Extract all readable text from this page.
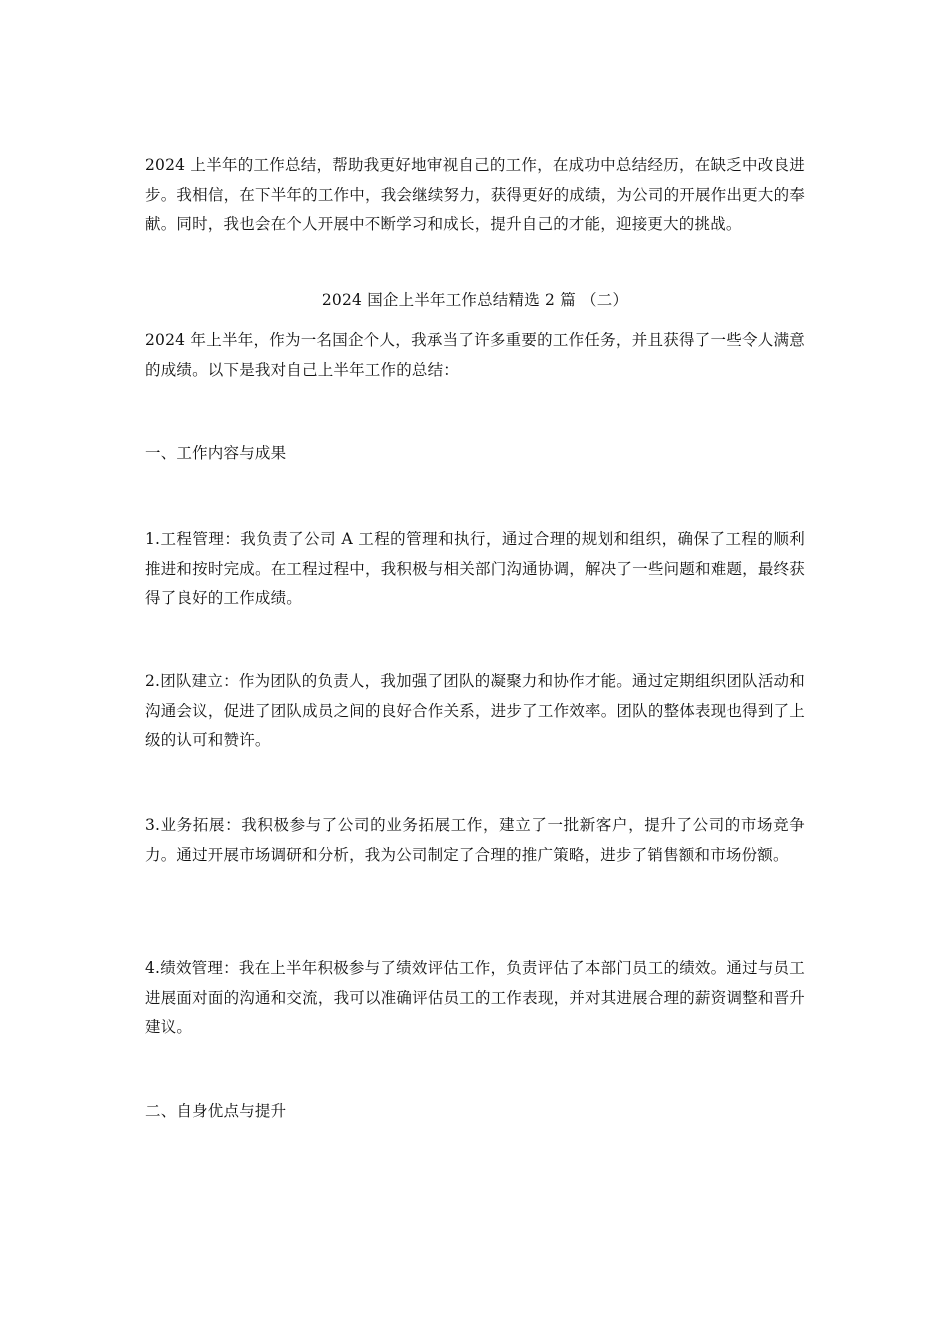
2024 上半年的工作总结，帮助我更好地审视自己的工作，在成功中总结经历，在缺乏中改良进步。我相信，在下半年的工作中，我会继续努力，获得更好的成绩，为公司的开展作出更大的奉献。同时，我也会在个人开展中不断学习和成长，提升自己的才能，迎接更大的挑战。

2024 国企上半年工作总结精选 2 篇 （二）

2024 年上半年，作为一名国企个人，我承当了许多重要的工作任务，并且获得了一些令人满意的成绩。以下是我对自己上半年工作的总结：

一、工作内容与成果

1.工程管理：我负责了公司 A 工程的管理和执行，通过合理的规划和组织，确保了工程的顺利推进和按时完成。在工程过程中，我积极与相关部门沟通协调，解决了一些问题和难题，最终获得了良好的工作成绩。

2.团队建立：作为团队的负责人，我加强了团队的凝聚力和协作才能。通过定期组织团队活动和沟通会议，促进了团队成员之间的良好合作关系，进步了工作效率。团队的整体表现也得到了上级的认可和赞许。

3.业务拓展：我积极参与了公司的业务拓展工作，建立了一批新客户，提升了公司的市场竞争力。通过开展市场调研和分析，我为公司制定了合理的推广策略，进步了销售额和市场份额。

4.绩效管理：我在上半年积极参与了绩效评估工作，负责评估了本部门员工的绩效。通过与员工进展面对面的沟通和交流，我可以准确评估员工的工作表现，并对其进展合理的薪资调整和晋升建议。

二、自身优点与提升
